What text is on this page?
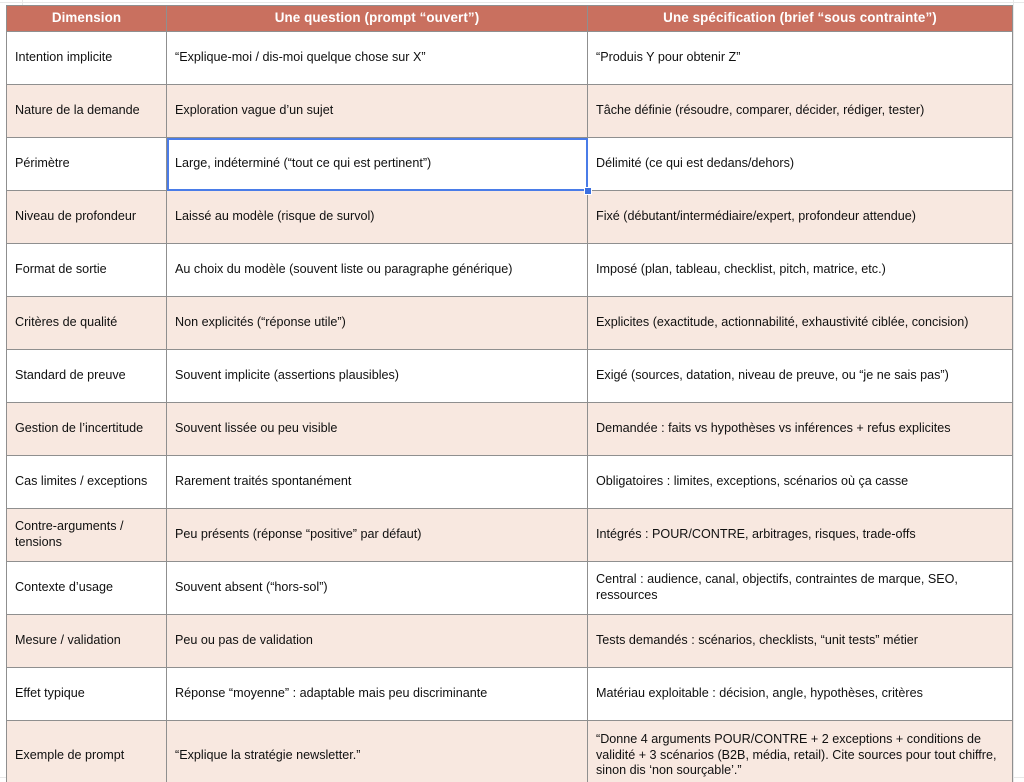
Dimension	Une question (prompt “ouvert”)	Une spécification (brief “sous contrainte”)
Intention implicite	“Explique-moi / dis-moi quelque chose sur X”	“Produis Y pour obtenir Z”
Nature de la demande	Exploration vague d’un sujet	Tâche définie (résoudre, comparer, décider, rédiger, tester)
Périmètre	Large, indéterminé (“tout ce qui est pertinent”)	Délimité (ce qui est dedans/dehors)
Niveau de profondeur	Laissé au modèle (risque de survol)	Fixé (débutant/intermédiaire/expert, profondeur attendue)
Format de sortie	Au choix du modèle (souvent liste ou paragraphe générique)	Imposé (plan, tableau, checklist, pitch, matrice, etc.)
Critères de qualité	Non explicités (“réponse utile”)	Explicites (exactitude, actionnabilité, exhaustivité ciblée, concision)
Standard de preuve	Souvent implicite (assertions plausibles)	Exigé (sources, datation, niveau de preuve, ou “je ne sais pas”)
Gestion de l’incertitude	Souvent lissée ou peu visible	Demandée : faits vs hypothèses vs inférences + refus explicites
Cas limites / exceptions	Rarement traités spontanément	Obligatoires : limites, exceptions, scénarios où ça casse
Contre-arguments / tensions	Peu présents (réponse “positive” par défaut)	Intégrés : POUR/CONTRE, arbitrages, risques, trade-offs
Contexte d’usage	Souvent absent (“hors-sol”)	Central : audience, canal, objectifs, contraintes de marque, SEO, ressources
Mesure / validation	Peu ou pas de validation	Tests demandés : scénarios, checklists, “unit tests” métier
Effet typique	Réponse “moyenne” : adaptable mais peu discriminante	Matériau exploitable : décision, angle, hypothèses, critères
Exemple de prompt	“Explique la stratégie newsletter.”	“Donne 4 arguments POUR/CONTRE + 2 exceptions + conditions de validité + 3 scénarios (B2B, média, retail). Cite sources pour tout chiffre, sinon dis ‘non sourçable’.”
